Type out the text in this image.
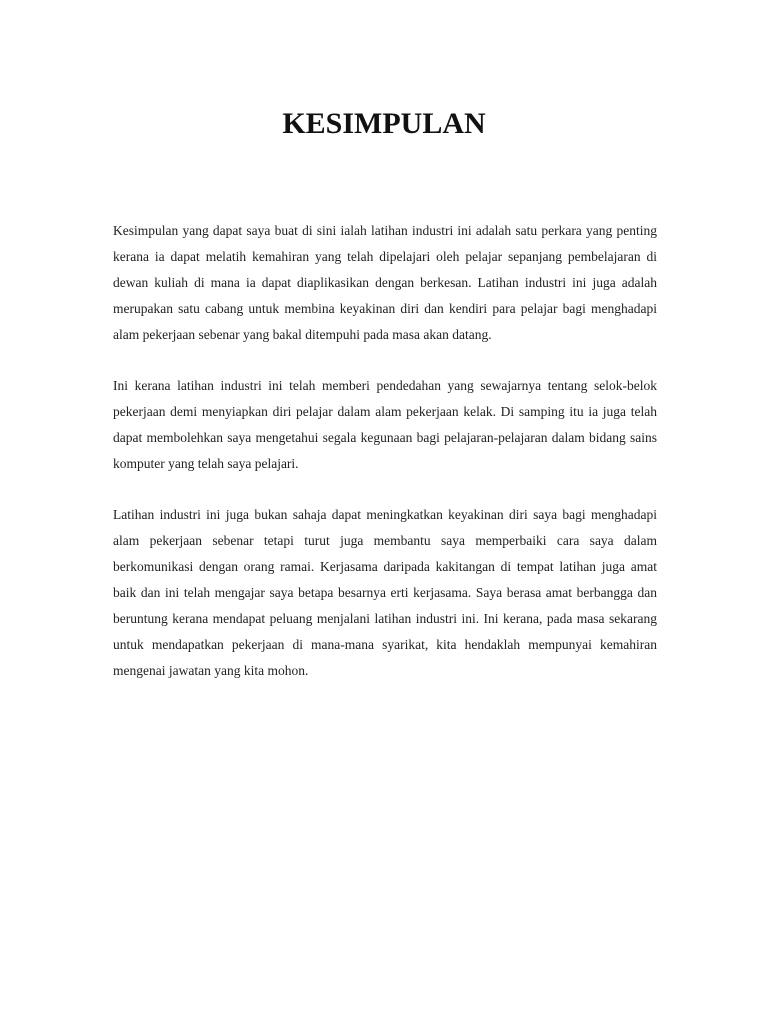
KESIMPULAN

Kesimpulan yang dapat saya buat di sini ialah latihan industri ini adalah satu perkara yang penting kerana ia dapat melatih kemahiran yang telah dipelajari oleh pelajar sepanjang pembelajaran di dewan kuliah di mana ia dapat diaplikasikan dengan berkesan. Latihan industri ini juga adalah merupakan satu cabang untuk membina keyakinan diri dan kendiri para pelajar bagi menghadapi alam pekerjaan sebenar yang bakal ditempuhi pada masa akan datang.

Ini kerana latihan industri ini telah memberi pendedahan yang sewajarnya tentang selok-belok pekerjaan demi menyiapkan diri pelajar dalam alam pekerjaan kelak. Di samping itu ia juga telah dapat membolehkan saya mengetahui segala kegunaan bagi pelajaran-pelajaran dalam bidang sains komputer yang telah saya pelajari.

Latihan industri ini juga bukan sahaja dapat meningkatkan keyakinan diri saya bagi menghadapi alam pekerjaan sebenar tetapi turut juga membantu saya memperbaiki cara saya dalam berkomunikasi dengan orang ramai. Kerjasama daripada kakitangan di tempat latihan juga amat baik dan ini telah mengajar saya betapa besarnya erti kerjasama. Saya berasa amat berbangga dan beruntung kerana mendapat peluang menjalani latihan industri ini. Ini kerana, pada masa sekarang untuk mendapatkan pekerjaan di mana-mana syarikat, kita hendaklah mempunyai kemahiran mengenai jawatan yang kita mohon.
